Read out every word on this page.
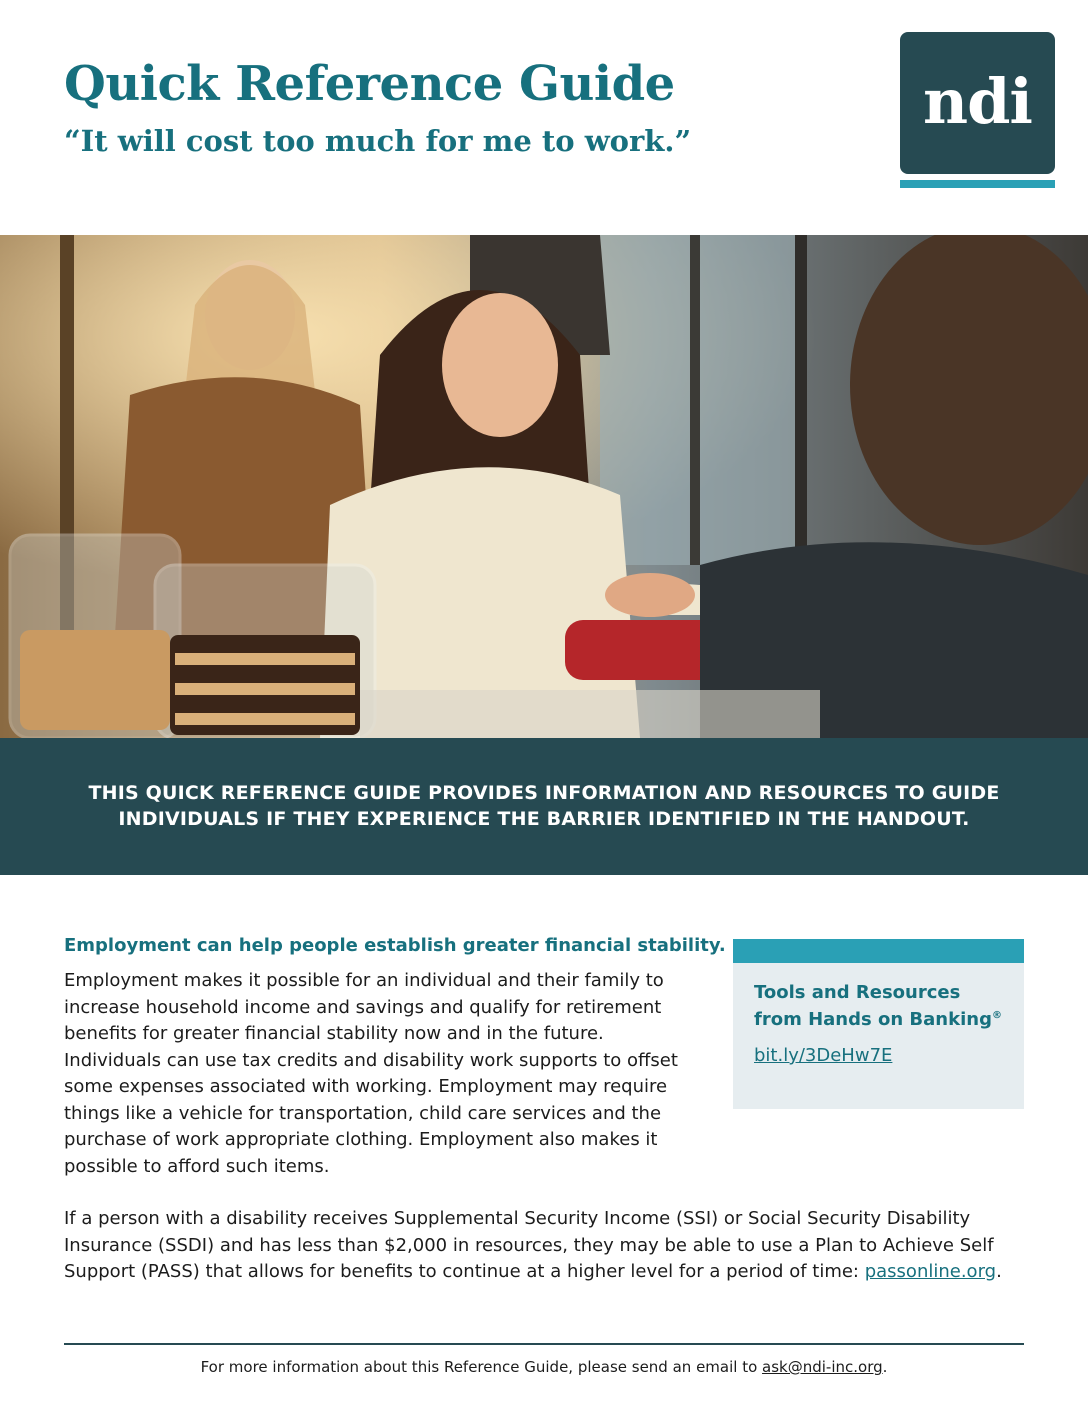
Quick Reference Guide
“It will cost too much for me to work.”
ndi
THIS QUICK REFERENCE GUIDE PROVIDES INFORMATION AND RESOURCES TO GUIDE INDIVIDUALS IF THEY EXPERIENCE THE BARRIER IDENTIFIED IN THE HANDOUT.
Employment can help people establish greater financial stability.

Employment makes it possible for an individual and their family to increase household income and savings and qualify for retirement benefits for greater financial stability now and in the future. Individuals can use tax credits and disability work supports to offset some expenses associated with working. Employment may require things like a vehicle for transportation, child care services and the purchase of work appropriate clothing. Employment also makes it possible to afford such items.

Tools and Resources from Hands on Banking®
bit.ly/3DeHw7E

If a person with a disability receives Supplemental Security Income (SSI) or Social Security Disability Insurance (SSDI) and has less than $2,000 in resources, they may be able to use a Plan to Achieve Self Support (PASS) that allows for benefits to continue at a higher level for a period of time: passonline.org.

For more information about this Reference Guide, please send an email to ask@ndi-inc.org.
